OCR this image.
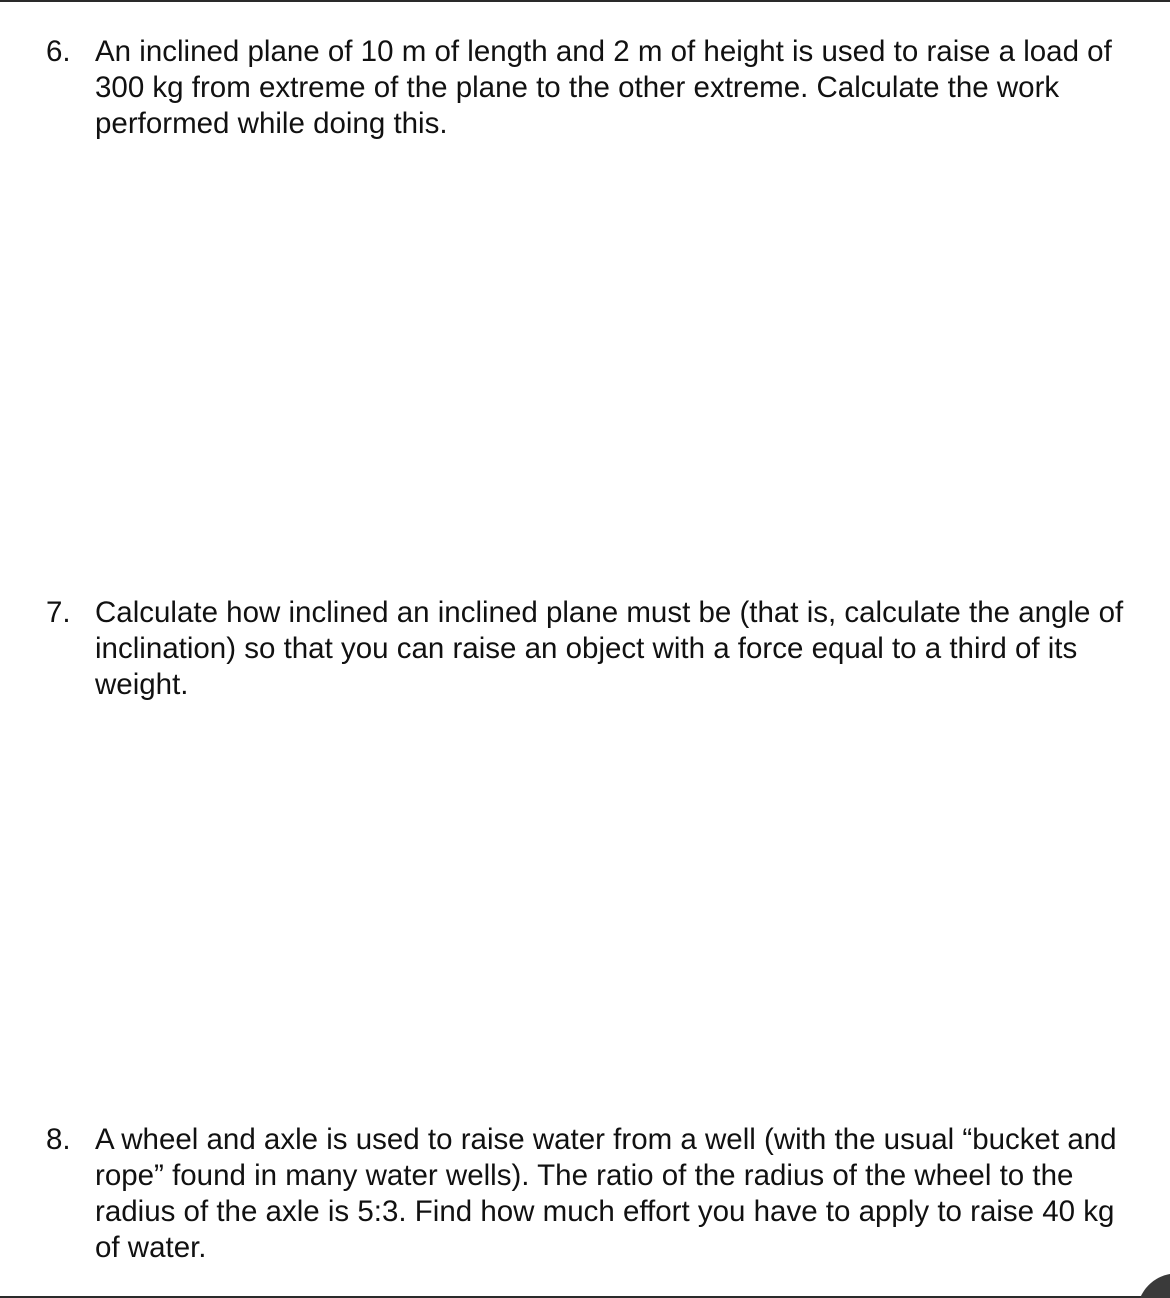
6. An inclined plane of 10 m of length and 2 m of height is used to raise a load of 300 kg from extreme of the plane to the other extreme. Calculate the work performed while doing this.
7. Calculate how inclined an inclined plane must be (that is, calculate the angle of inclination) so that you can raise an object with a force equal to a third of its weight.
8. A wheel and axle is used to raise water from a well (with the usual “bucket and rope” found in many water wells). The ratio of the radius of the wheel to the radius of the axle is 5:3. Find how much effort you have to apply to raise 40 kg of water.
